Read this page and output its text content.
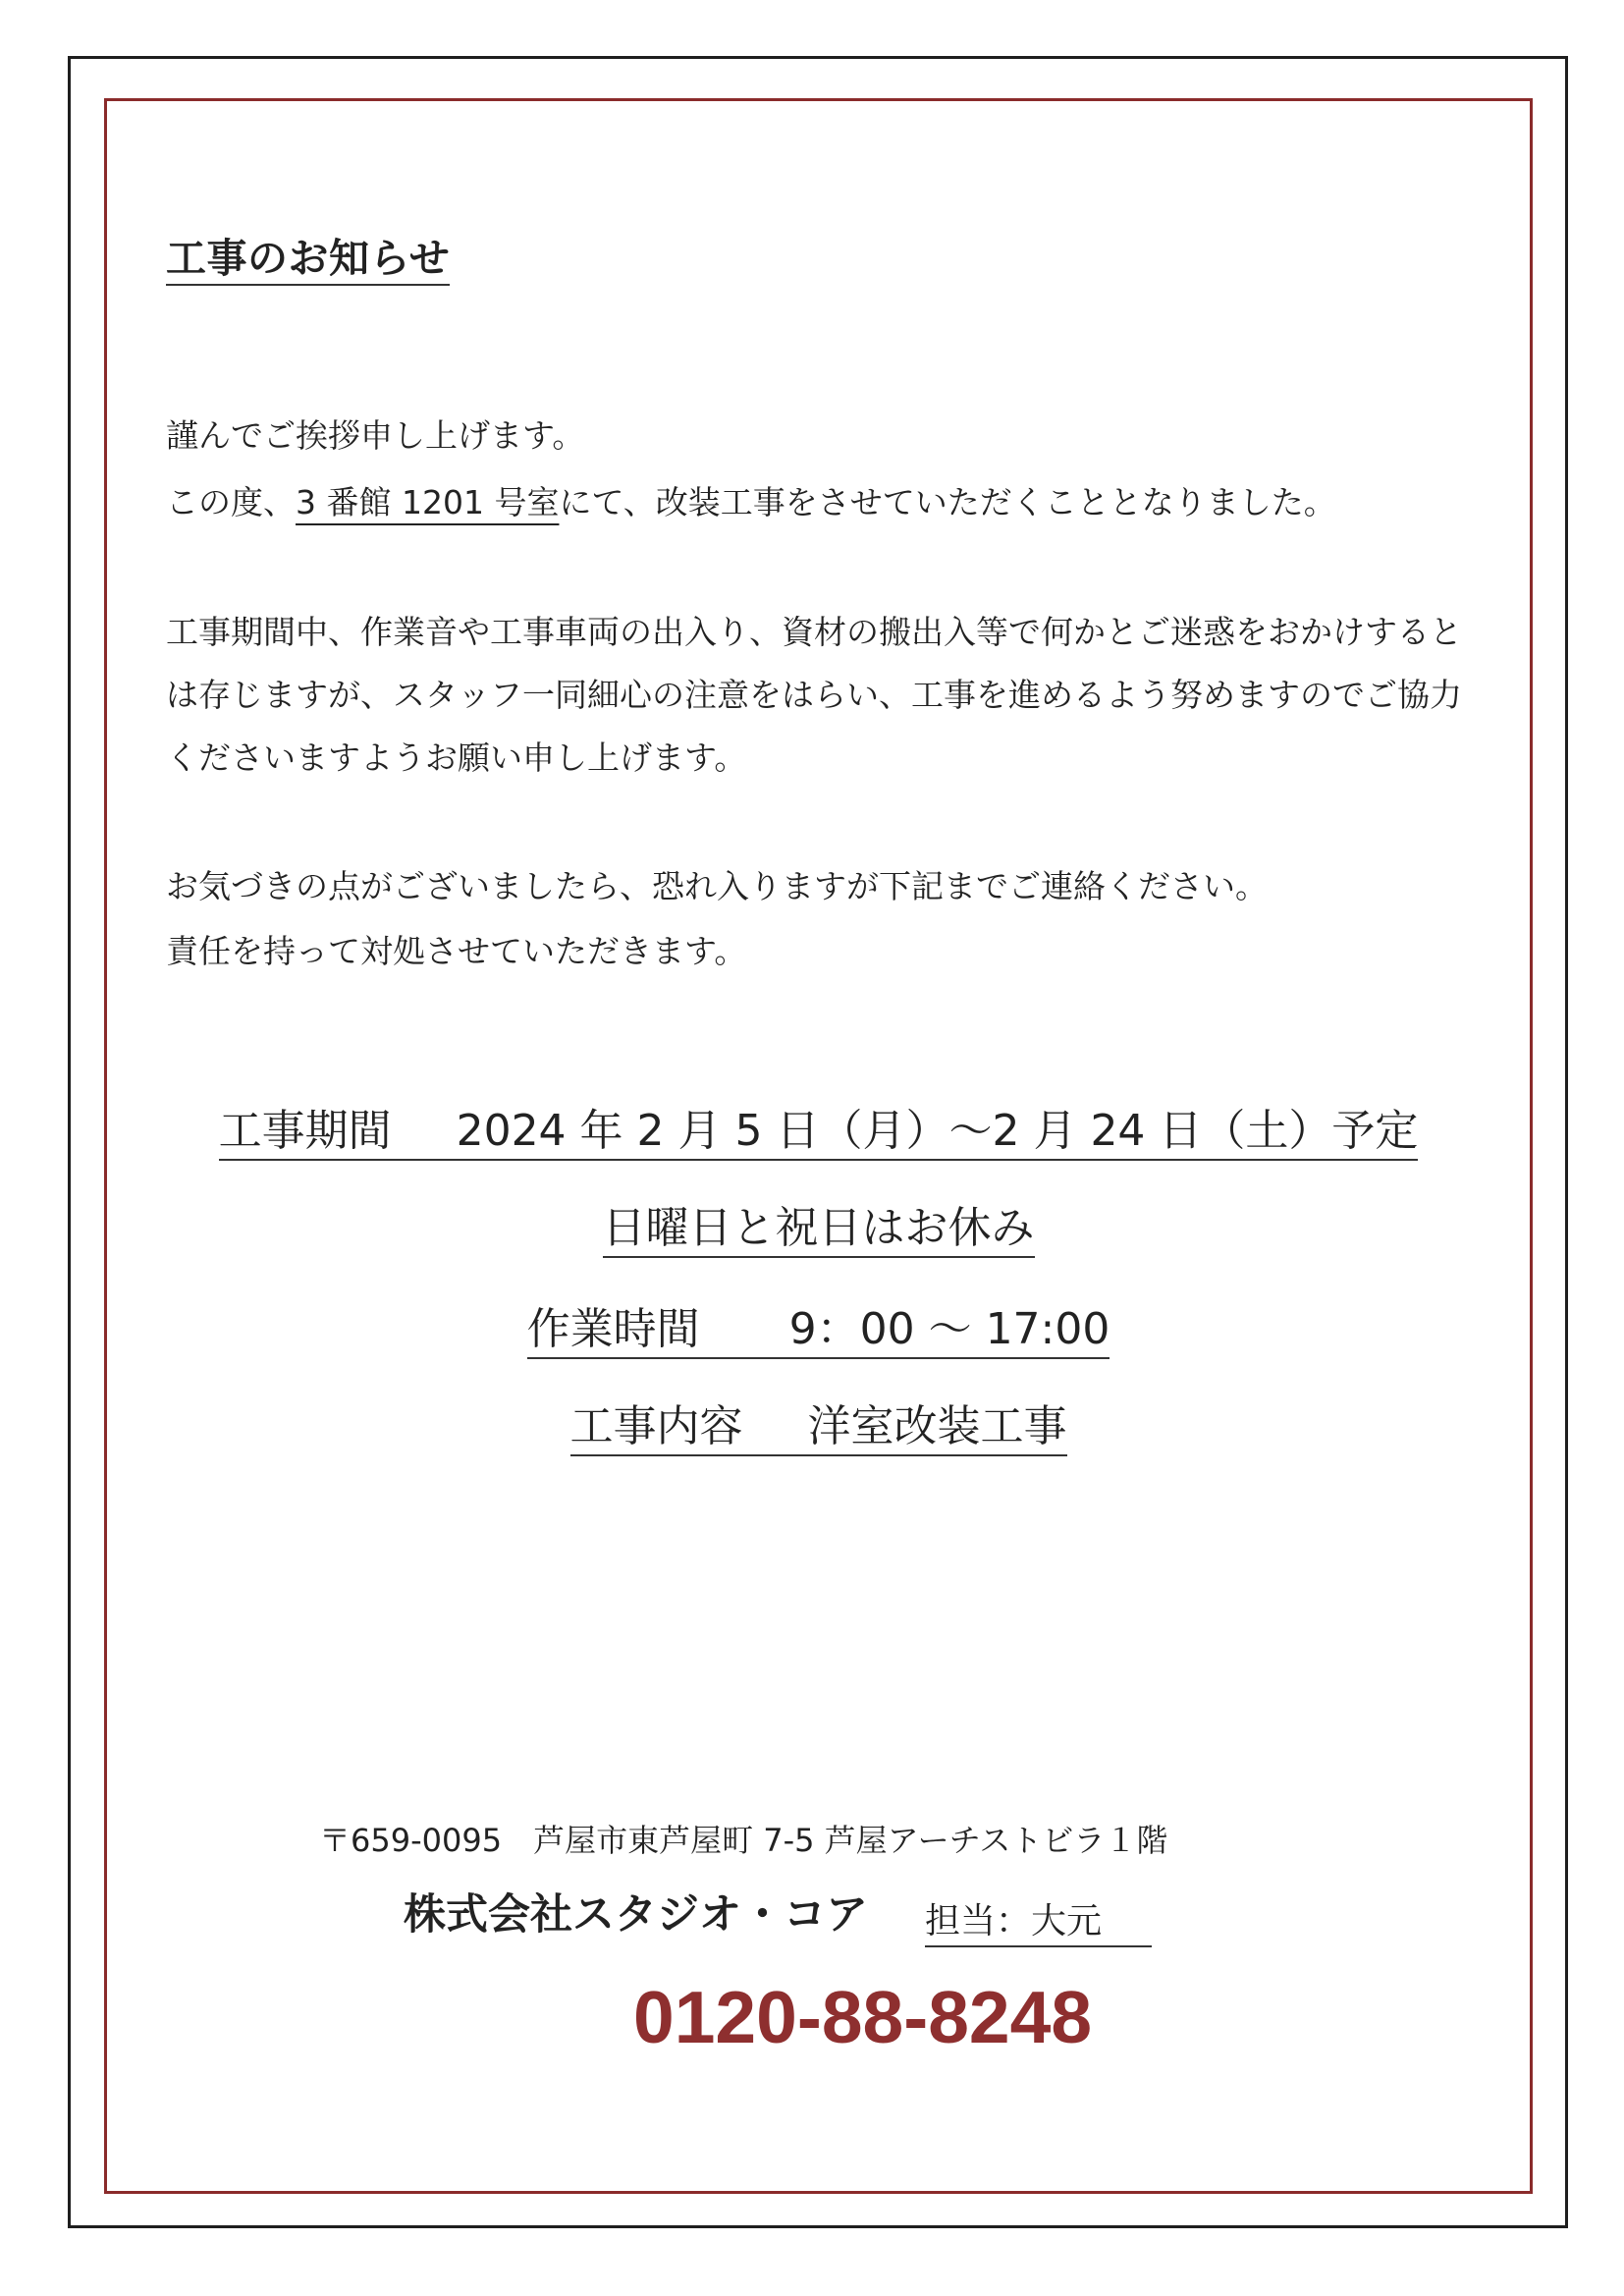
工事のお知らせ
謹んでご挨拶申し上げます。
この度、3 番館 1201 号室にて、改装工事をさせていただくこととなりました。
工事期間中、作業音や工事車両の出入り、資材の搬出入等で何かとご迷惑をおかけすると
は存じますが、スタッフ一同細心の注意をはらい、工事を進めるよう努めますのでご協力
くださいますようお願い申し上げます。
お気づきの点がございましたら、恐れ入りますが下記までご連絡ください。
責任を持って対処させていただきます。
工事期間 2024 年 2 月 5 日（月）～2 月 24 日（土）予定
日曜日と祝日はお休み
作業時間 9：00 ～ 17:00
工事内容 洋室改装工事
〒659-0095　芦屋市東芦屋町 7-5 芦屋アーチストビラ１階
株式会社スタジオ・コア 担当：大元
0120-88-8248
